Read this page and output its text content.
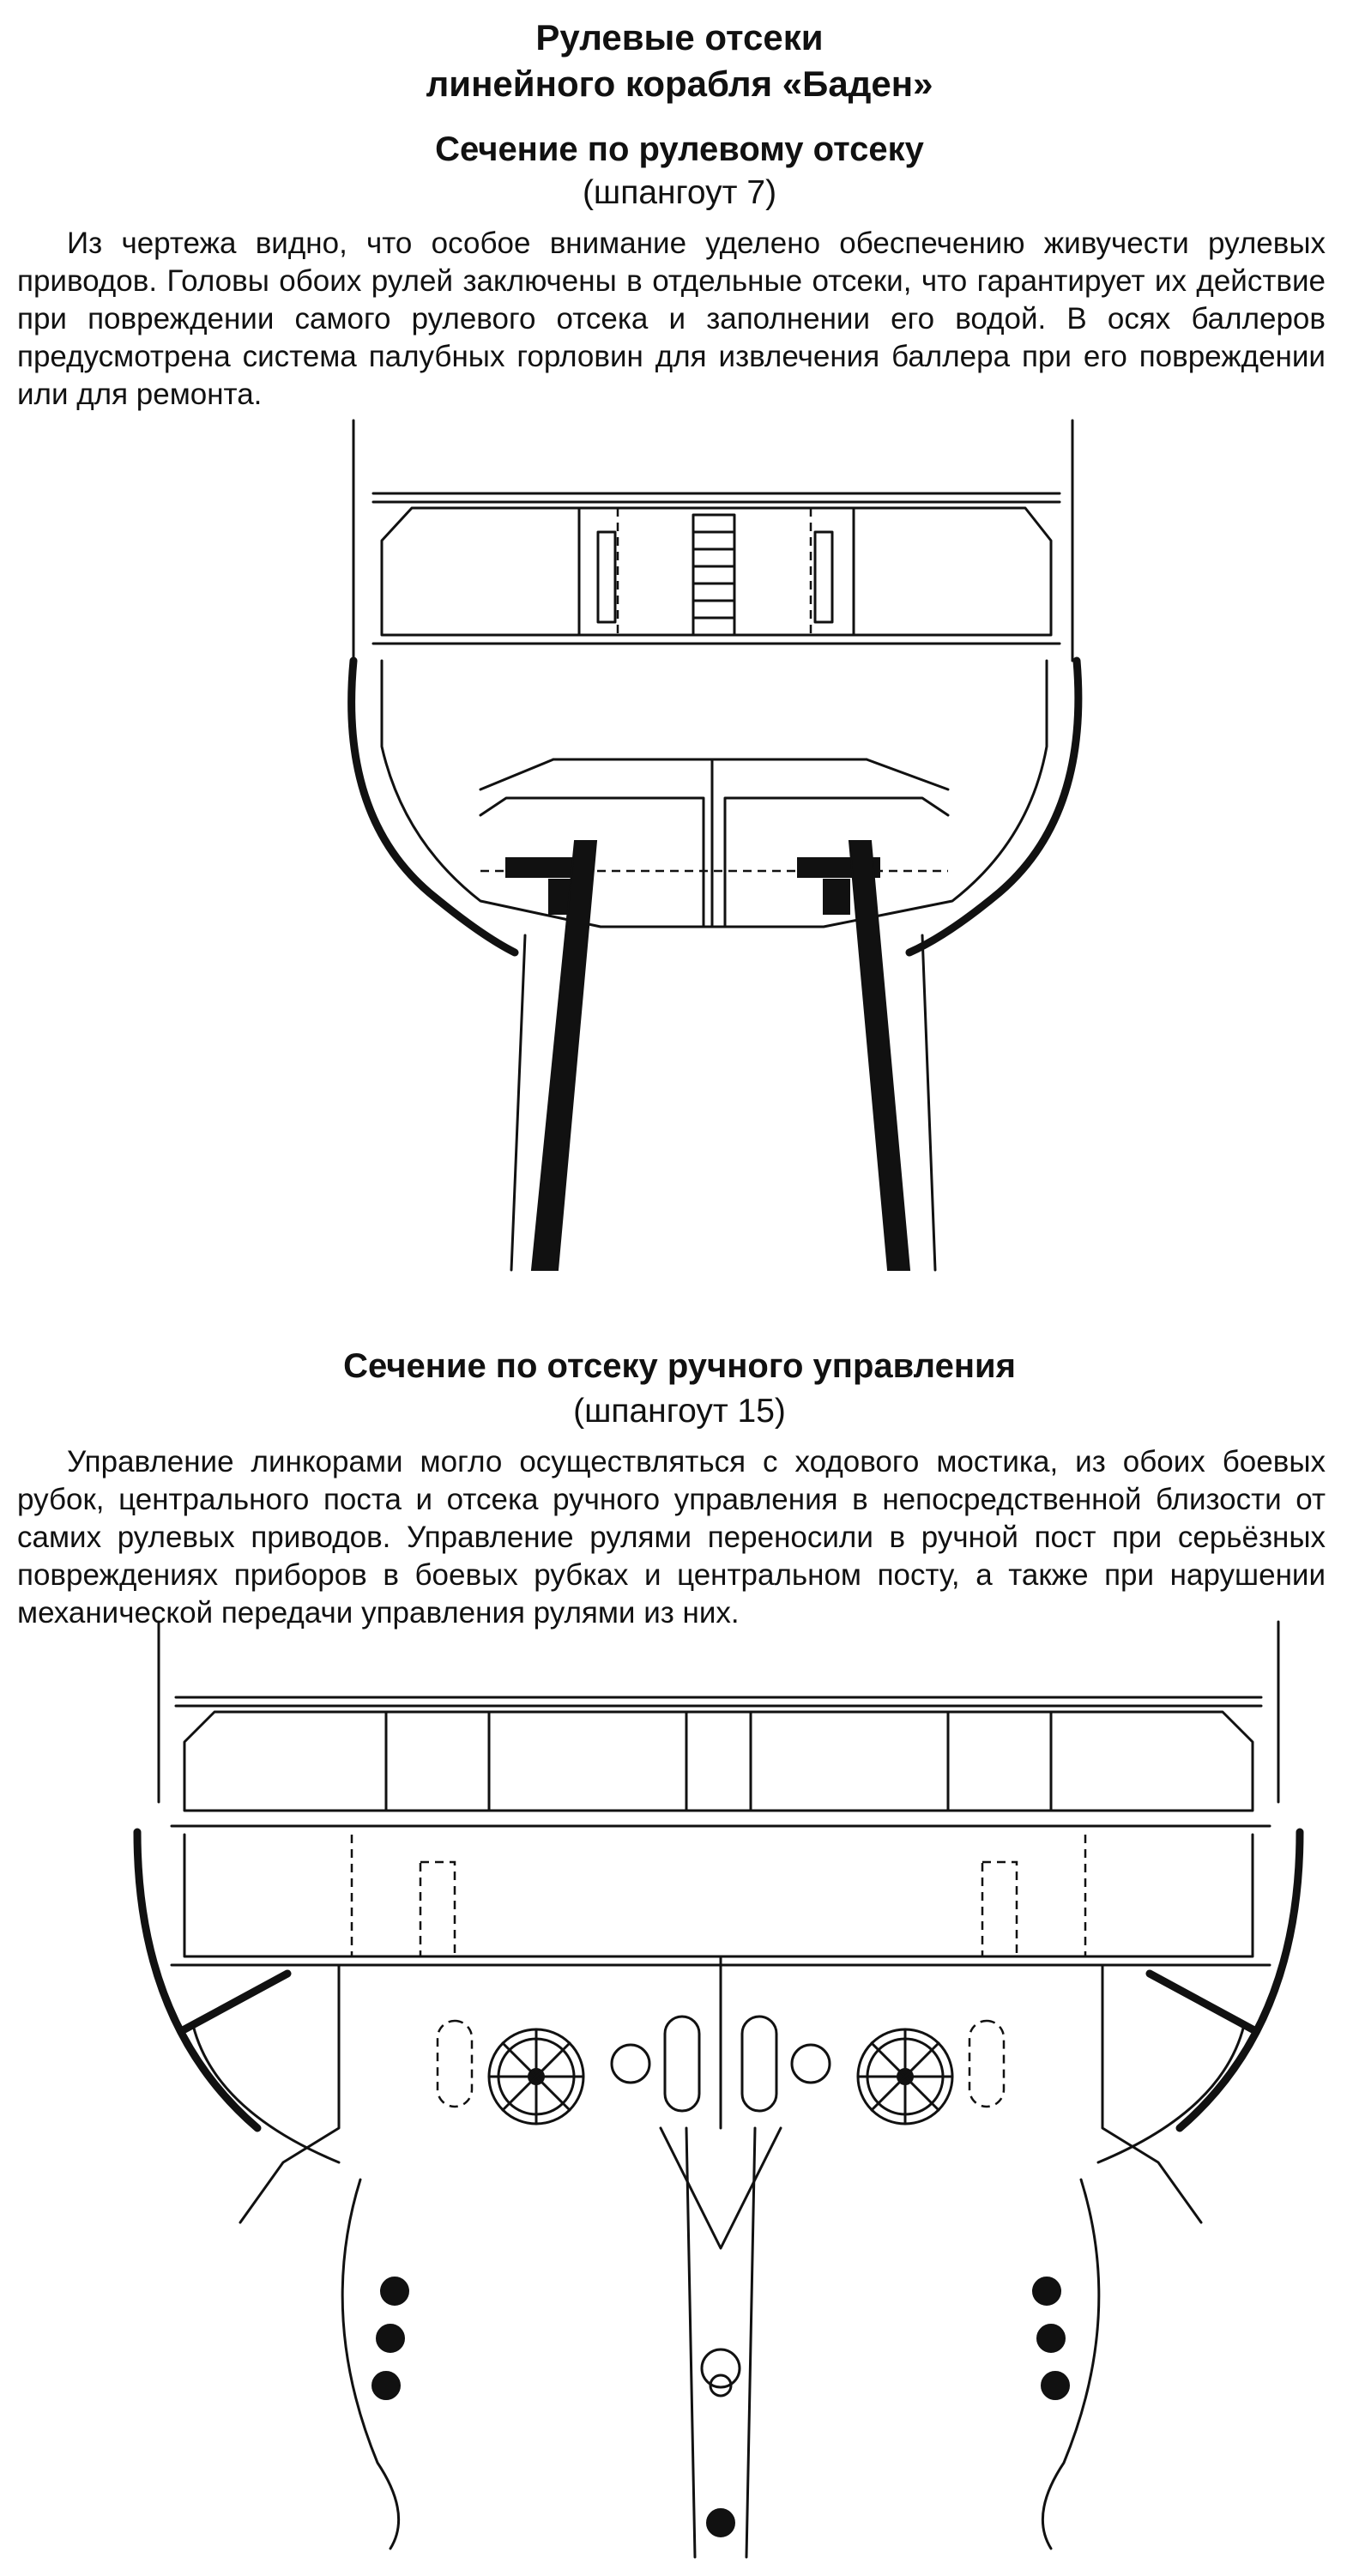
Рулевые отсеки
линейного корабля «Баден»
Сечение по рулевому отсеку
(шпангоут 7)

Из чертежа видно, что особое внимание уделено обеспечению живучести рулевых приводов. Головы обоих рулей заключены в отдельные отсеки, что гарантирует их действие при повреждении самого рулевого отсека и заполнении его водой. В осях баллеров предусмотрена система палубных горловин для извлечения баллера при его повреждении или для ремонта.

Сечение по отсеку ручного управления
(шпангоут 15)

Управление линкорами могло осуществляться с ходового мостика, из обоих боевых рубок, центрального поста и отсека ручного управления в непосредственной близости от самих рулевых приводов. Управление рулями переносили в ручной пост при серьёзных повреждениях приборов в боевых рубках и центральном посту, а также при нарушении механической передачи управления рулями из них.
